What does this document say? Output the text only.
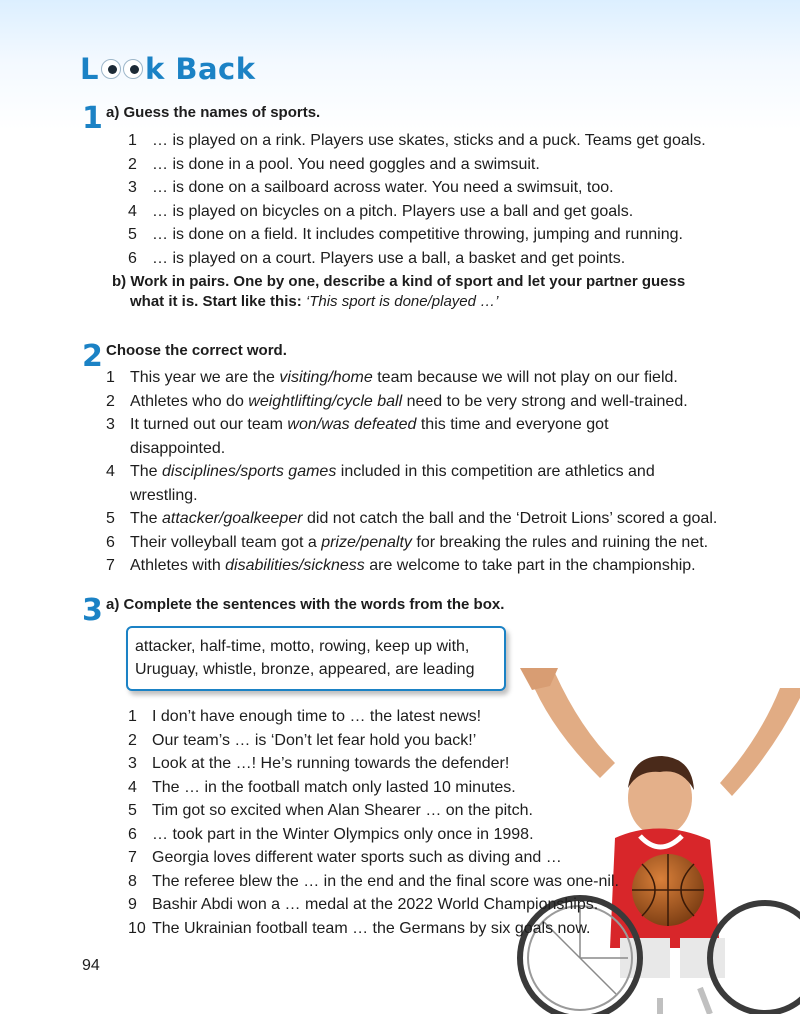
L k Back
1 a) Guess the names of sports.
1 … is played on a rink. Players use skates, sticks and a puck. Teams get goals.
2 … is done in a pool. You need goggles and a swimsuit.
3 … is done on a sailboard across water. You need a swimsuit, too.
4 … is played on bicycles on a pitch. Players use a ball and get goals.
5 … is done on a field. It includes competitive throwing, jumping and running.
6 … is played on a court. Players use a ball, a basket and get points.
b) Work in pairs. One by one, describe a kind of sport and let your partner guess
what it is. Start like this: ‘This sport is done/played …’
2 Choose the correct word.
1 This year we are the visiting/home team because we will not play on our field.
2 Athletes who do weightlifting/cycle ball need to be very strong and well-trained.
3 It turned out our team won/was defeated this time and everyone got disappointed.
4 The disciplines/sports games included in this competition are athletics and wrestling.
5 The attacker/goalkeeper did not catch the ball and the ‘Detroit Lions’ scored a goal.
6 Their volleyball team got a prize/penalty for breaking the rules and ruining the net.
7 Athletes with disabilities/sickness are welcome to take part in the championship.
3 a) Complete the sentences with the words from the box.
attacker, half-time, motto, rowing, keep up with,
Uruguay, whistle, bronze, appeared, are leading
1 I don’t have enough time to … the latest news!
2 Our team’s … is ‘Don’t let fear hold you back!’
3 Look at the …! He’s running towards the defender!
4 The … in the football match only lasted 10 minutes.
5 Tim got so excited when Alan Shearer … on the pitch.
6 … took part in the Winter Olympics only once in 1998.
7 Georgia loves different water sports such as diving and …
8 The referee blew the … in the end and the final score was one-nil.
9 Bashir Abdi won a … medal at the 2022 World Championships.
10 The Ukrainian football team … the Germans by six goals now.
94
